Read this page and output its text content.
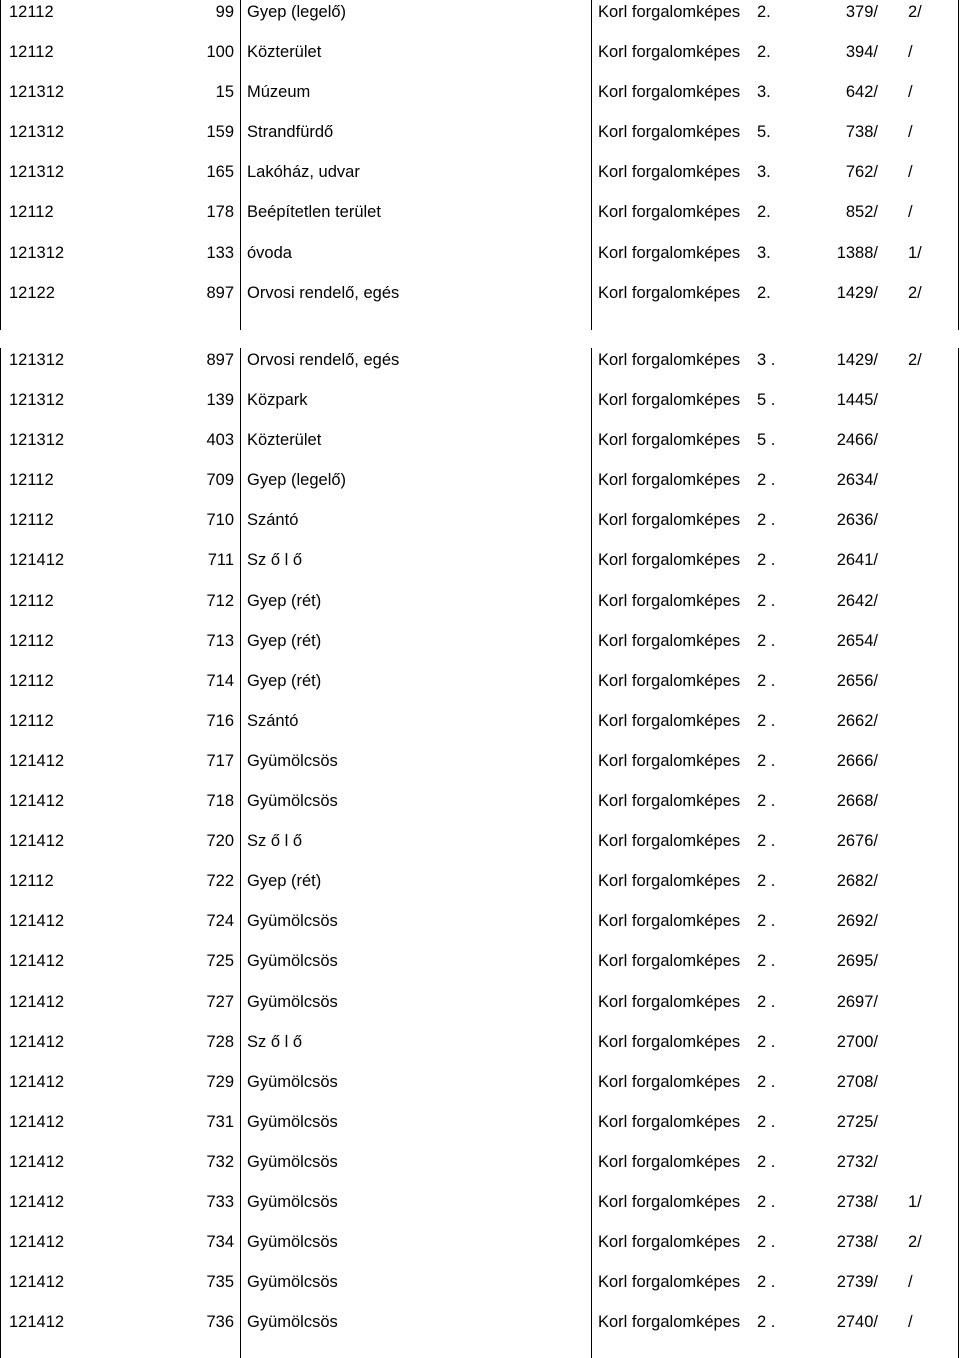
12112	99 Gyep (legelő)	Korl forgalomképes	2.	379/ 2/
12112	100 Közterület	Korl forgalomképes	2.	394/ /
121312	15 Múzeum	Korl forgalomképes	3.	642/ /
121312	159 Strandfürdő	Korl forgalomképes	5.	738/ /
121312	165 Lakóház, udvar	Korl forgalomképes	3.	762/ /
12112	178 Beépítetlen terület	Korl forgalomképes	2.	852/ /
121312	133 óvoda	Korl forgalomképes	3.	1388/ 1/
12122	897 Orvosi rendelő, egés	Korl forgalomképes	2.	1429/ 2/
121312	897 Orvosi rendelő, egés	Korl forgalomképes	3 .	1429/ 2/
121312	139 Közpark	Korl forgalomképes	5 .	1445/
121312	403 Közterület	Korl forgalomképes	5 .	2466/
12112	709 Gyep (legelő)	Korl forgalomképes	2 .	2634/
12112	710 Szántó	Korl forgalomképes	2 .	2636/
121412	711 Sz ő l ő	Korl forgalomképes	2 .	2641/
12112	712 Gyep (rét)	Korl forgalomképes	2 .	2642/
12112	713 Gyep (rét)	Korl forgalomképes	2 .	2654/
12112	714 Gyep (rét)	Korl forgalomképes	2 .	2656/
12112	716 Szántó	Korl forgalomképes	2 .	2662/
121412	717 Gyümölcsös	Korl forgalomképes	2 .	2666/
121412	718 Gyümölcsös	Korl forgalomképes	2 .	2668/
121412	720 Sz ő l ő	Korl forgalomképes	2 .	2676/
12112	722 Gyep (rét)	Korl forgalomképes	2 .	2682/
121412	724 Gyümölcsös	Korl forgalomképes	2 .	2692/
121412	725 Gyümölcsös	Korl forgalomképes	2 .	2695/
121412	727 Gyümölcsös	Korl forgalomképes	2 .	2697/
121412	728 Sz ő l ő	Korl forgalomképes	2 .	2700/
121412	729 Gyümölcsös	Korl forgalomképes	2 .	2708/
121412	731 Gyümölcsös	Korl forgalomképes	2 .	2725/
121412	732 Gyümölcsös	Korl forgalomképes	2 .	2732/
121412	733 Gyümölcsös	Korl forgalomképes	2 .	2738/ 1/
121412	734 Gyümölcsös	Korl forgalomképes	2 .	2738/ 2/
121412	735 Gyümölcsös	Korl forgalomképes	2 .	2739/ /
121412	736 Gyümölcsös	Korl forgalomképes	2 .	2740/ /
